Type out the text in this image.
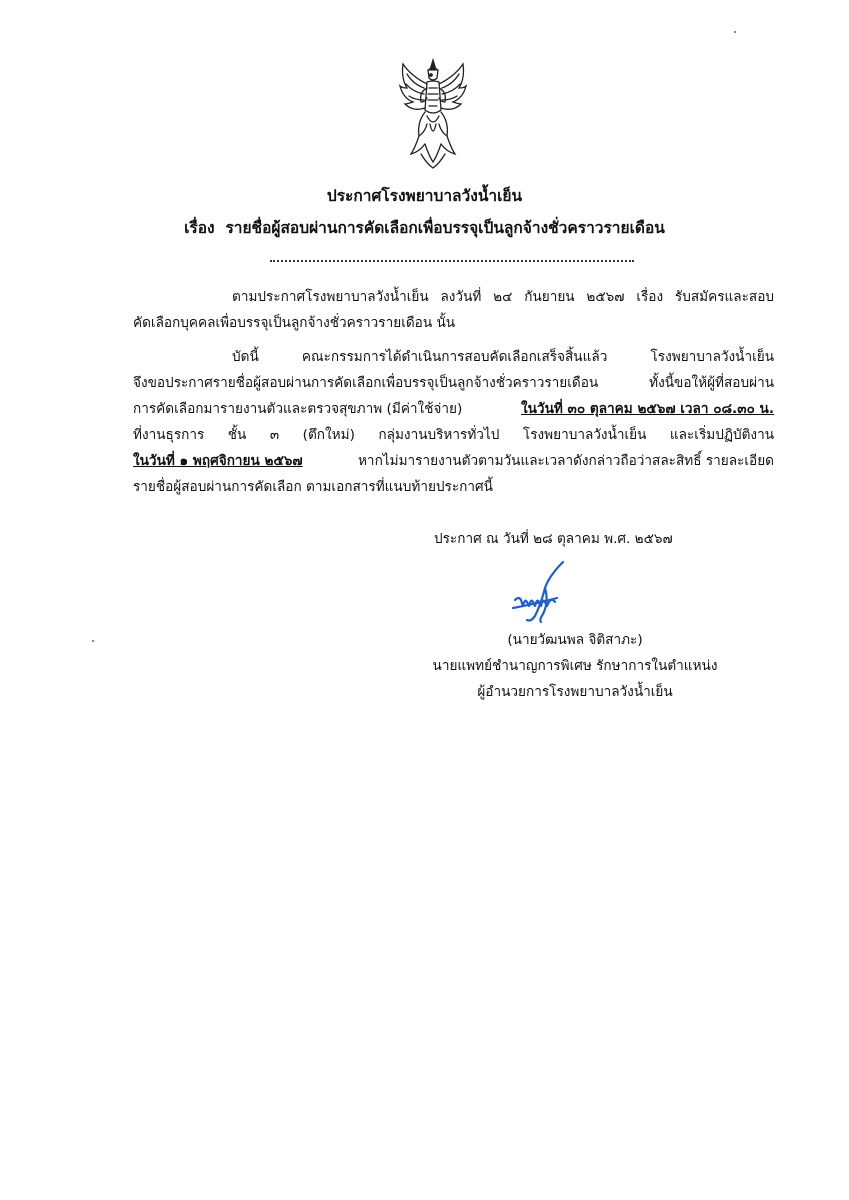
ประกาศโรงพยาบาลวังน้ำเย็น
เรื่อง รายชื่อผู้สอบผ่านการคัดเลือกเพื่อบรรจุเป็นลูกจ้างชั่วคราวรายเดือน
ตามประกาศโรงพยาบาลวังน้ำเย็น ลงวันที่ ๒๔ กันยายน ๒๕๖๗ เรื่อง รับสมัครและสอบ
คัดเลือกบุคคลเพื่อบรรจุเป็นลูกจ้างชั่วคราวรายเดือน นั้น
บัดนี้ คณะกรรมการได้ดำเนินการสอบคัดเลือกเสร็จสิ้นแล้ว โรงพยาบาลวังน้ำเย็น
จึงขอประกาศรายชื่อผู้สอบผ่านการคัดเลือกเพื่อบรรจุเป็นลูกจ้างชั่วคราวรายเดือน ทั้งนี้ขอให้ผู้ที่สอบผ่าน
การคัดเลือกมารายงานตัวและตรวจสุขภาพ (มีค่าใช้จ่าย)	ในวันที่ ๓๐ ตุลาคม ๒๕๖๗ เวลา ๐๘.๓๐ น.
ที่งานธุรการ ชั้น ๓ (ตึกใหม่) กลุ่มงานบริหารทั่วไป โรงพยาบาลวังน้ำเย็น และเริ่มปฏิบัติงาน
ในวันที่ ๑ พฤศจิกายน ๒๕๖๗	หากไม่มารายงานตัวตามวันและเวลาดังกล่าวถือว่าสละสิทธิ์ รายละเอียด
รายชื่อผู้สอบผ่านการคัดเลือก ตามเอกสารที่แนบท้ายประกาศนี้
ประกาศ ณ วันที่ ๒๘ ตุลาคม พ.ศ. ๒๕๖๗
(นายวัฒนพล จิติสาภะ)
นายแพทย์ชำนาญการพิเศษ รักษาการในตำแหน่ง
ผู้อำนวยการโรงพยาบาลวังน้ำเย็น
